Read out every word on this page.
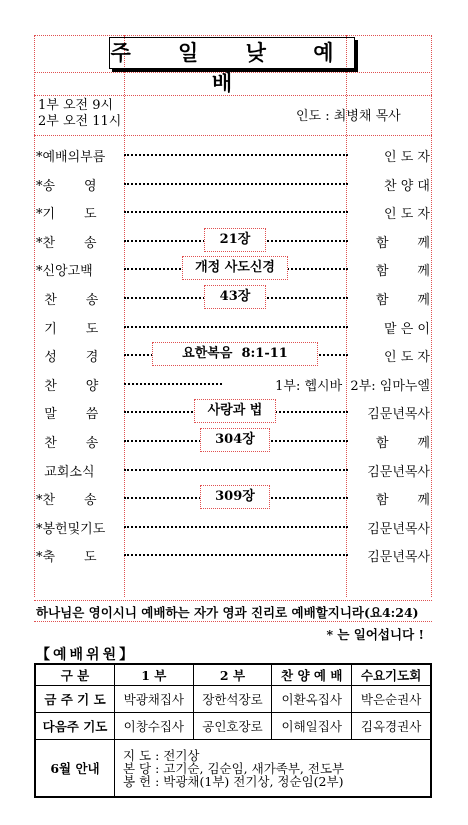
주 일 낮 예 배
1부 오전 9시
2부 오전 11시	인도 : 최병채 목사
*예배의부름	인 도 자
*송       영	찬 양 대
*기       도	인 도 자
*찬       송	21장	함       께
*신앙고백	개정 사도신경	함       께
찬       송	43장	함       께
기       도	맡 은 이
성       경	요한복음  8:1-11	인 도 자
찬       양	1부: 헵시바  2부: 임마누엘
말       씀	사랑과 법	김문년목사
찬       송	304장	함       께
교회소식	김문년목사
*찬       송	309장	함       께
*봉헌및기도	김문년목사
*축       도	김문년목사
하나님은 영이시니 예배하는 자가 영과 진리로 예배할지니라(요4:24)
* 는 일어섭니다 !
【예배위원】
구 분	1 부	2 부	찬 양 예 배	수요기도회
금 주 기 도	박광채집사	장한석장로	이환옥집사	박은순권사
다음주 기도	이창수집사	공인호장로	이해일집사	김옥경권사
6월 안내	지 도 : 전기상
본 당 : 고기순, 김순임, 새가족부, 전도부
봉 헌 : 박광채(1부) 전기상, 정순임(2부)			
